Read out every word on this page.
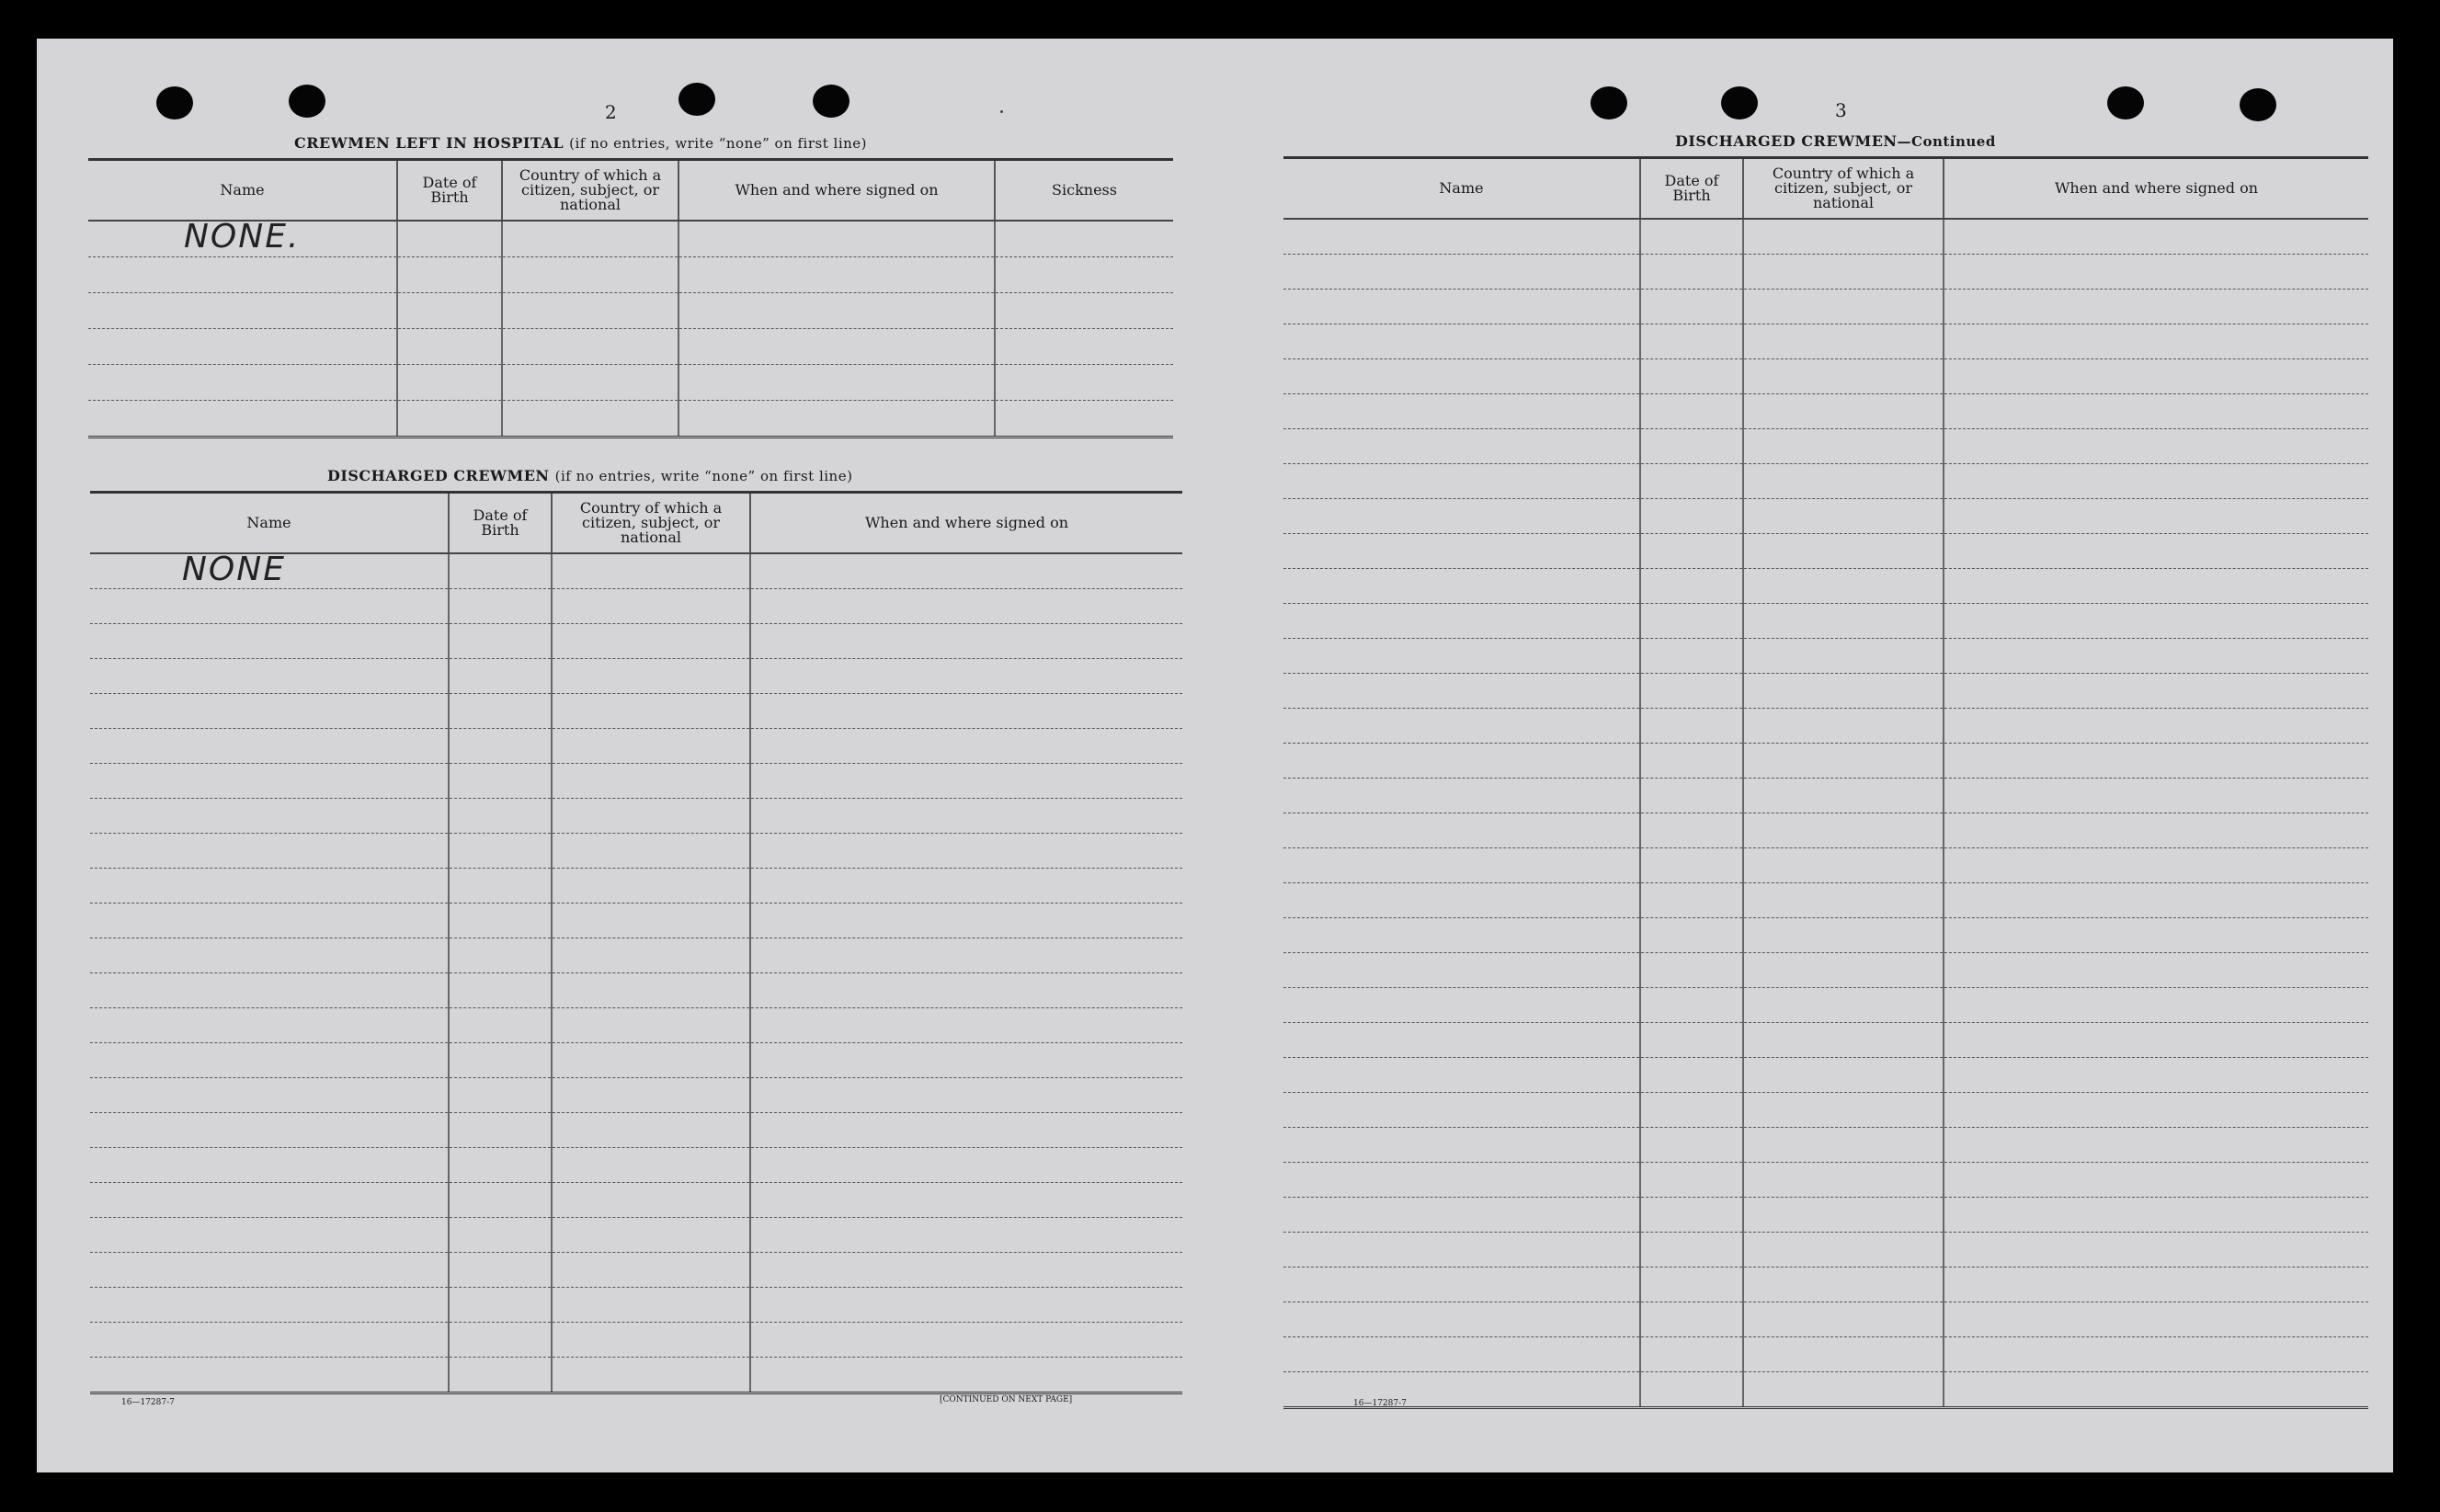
2
CREWMEN LEFT IN HOSPITAL (if no entries, write “none” on first line)
Name	Date of Birth	Country of which a citizen, subject, or national	When and where signed on	Sickness

NONE.				

DISCHARGED CREWMEN (if no entries, write “none” on first line)
Name	Date of Birth	Country of which a citizen, subject, or national	When and where signed on

NONE			

16—17287-7	[CONTINUED ON NEXT PAGE]
3
DISCHARGED CREWMEN—Continued
Name	Date of Birth	Country of which a citizen, subject, or national	When and where signed on

16—17287-7
